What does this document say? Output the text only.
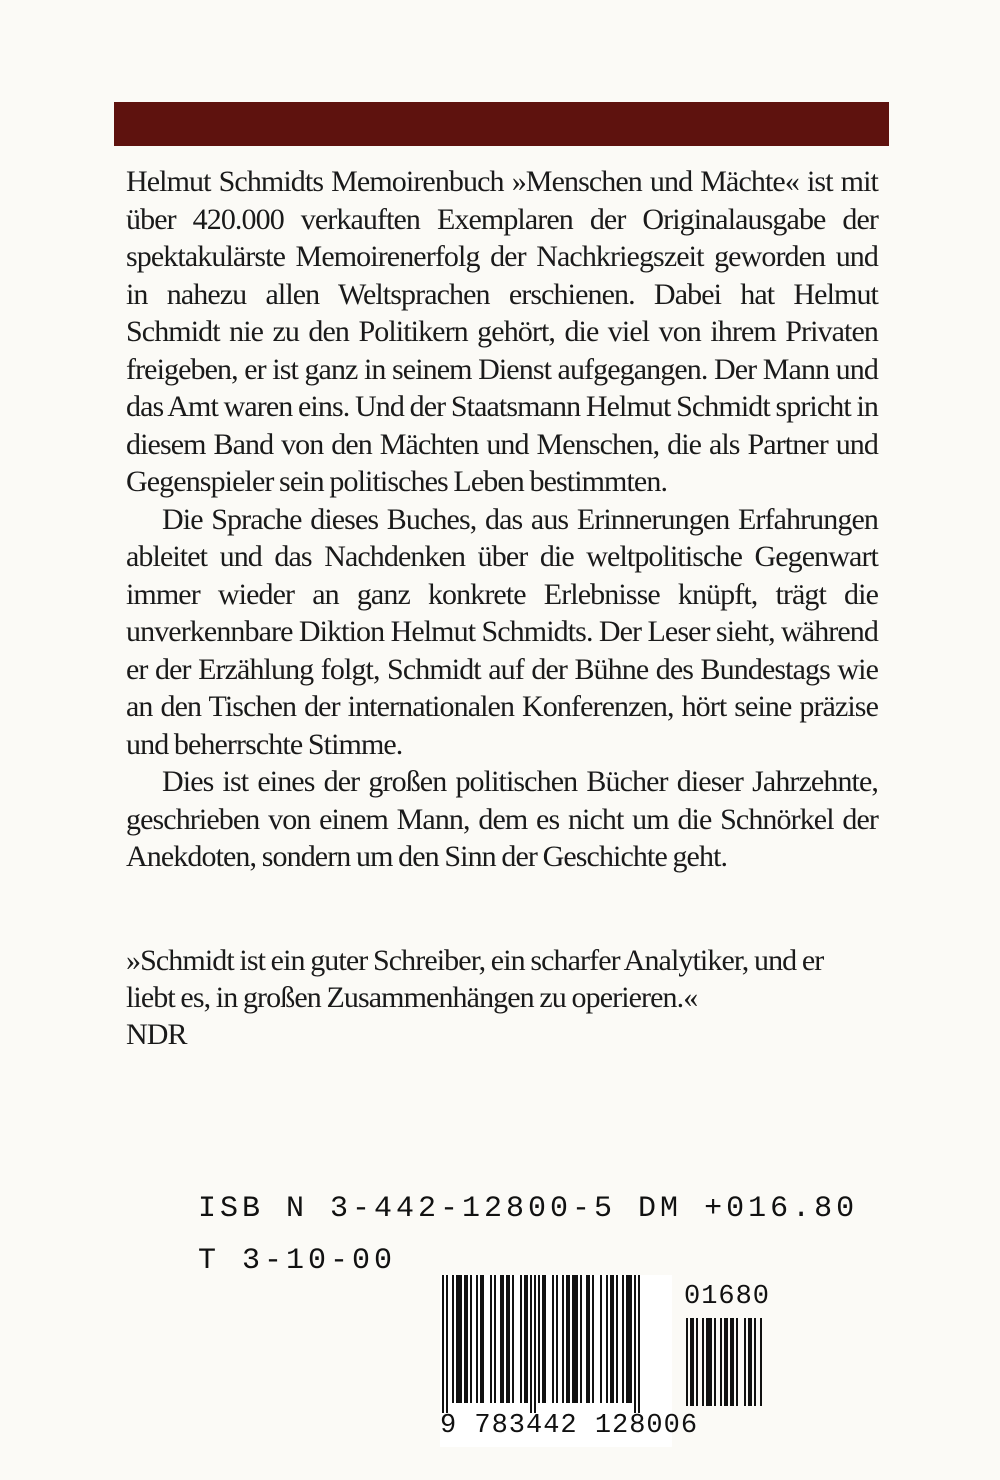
Helmut Schmidts Memoirenbuch »Menschen und Mächte« ist mit über 420.000 verkauften Exemplaren der Originalausgabe der spektakulärste Memoirenerfolg der Nachkriegszeit geworden und in nahezu allen Weltsprachen erschienen. Dabei hat Helmut Schmidt nie zu den Politikern gehört, die viel von ihrem Privaten freigeben, er ist ganz in seinem Dienst aufgegangen. Der Mann und das Amt waren eins. Und der Staatsmann Helmut Schmidt spricht in diesem Band von den Mächten und Menschen, die als Partner und Gegenspieler sein politisches Leben bestimmten.

Die Sprache dieses Buches, das aus Erinnerungen Erfahrungen ableitet und das Nachdenken über die weltpolitische Gegenwart immer wieder an ganz konkrete Erlebnisse knüpft, trägt die unverkennbare Diktion Helmut Schmidts. Der Leser sieht, während er der Erzählung folgt, Schmidt auf der Bühne des Bundestags wie an den Tischen der internationalen Konferenzen, hört seine präzise und beherrschte Stimme.

Dies ist eines der großen politischen Bücher dieser Jahrzehnte, geschrieben von einem Mann, dem es nicht um die Schnörkel der Anekdoten, sondern um den Sinn der Geschichte geht.

»Schmidt ist ein guter Schreiber, ein scharfer Analytiker, und er
liebt es, in großen Zusammenhängen zu operieren.«
NDR
ISB N 3-442-12800-5 DM +016.80
T 3-10-00
9 783442 128006
01680
